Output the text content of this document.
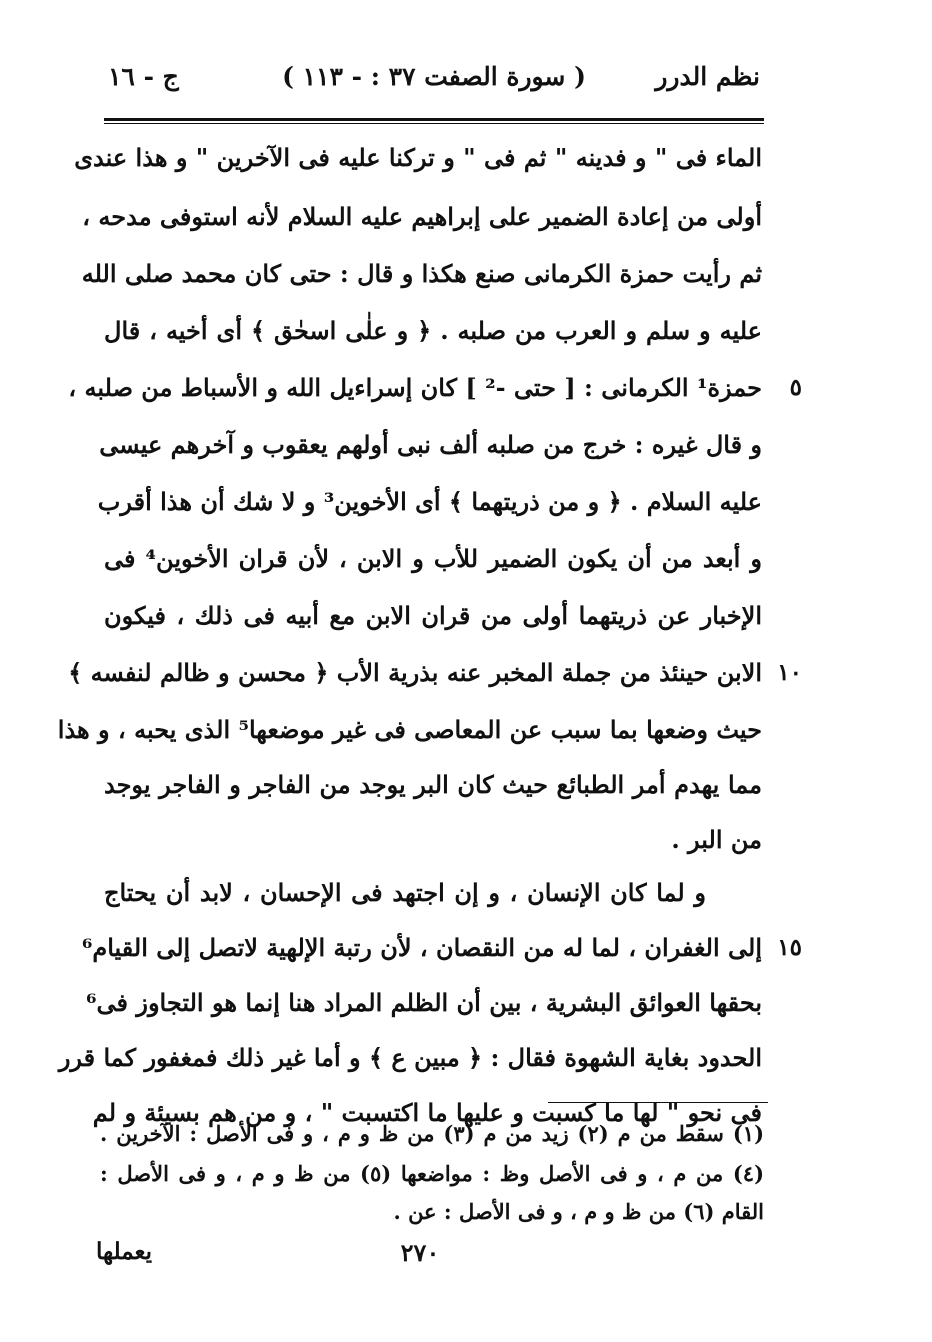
نظم الدرر
( سورة الصفت ٣٧ : - ١١٣ )
ج - ١٦
الماء فى " و فدينه " ثم فى " و تركنا عليه فى الآخرين " و هذا عندى
أولى من إعادة الضمير على إبراهيم عليه السلام لأنه استوفى مدحه ،
ثم رأيت حمزة الكرمانى صنع هكذا و قال : حتى كان محمد صلى الله
عليه و سلم و العرب من صلبه . ﴿ و علٰى اسحٰق ﴾ أى أخيه ، قال
حمزة¹ الكرمانى : [ حتى -² ] كان إسراءيل الله و الأسباط من صلبه ،
و قال غيره : خرج من صلبه ألف نبى أولهم يعقوب و آخرهم عيسى
عليه السلام . ﴿ و من ذريتهما ﴾ أى الأخوين³ و لا شك أن هذا أقرب
و أبعد من أن يكون الضمير للأب و الابن ، لأن قران الأخوين⁴ فى
الإخبار عن ذريتهما أولى من قران الابن مع أبيه فى ذلك ، فيكون
الابن حينئذ من جملة المخبر عنه بذرية الأب ﴿ محسن و ظالم لنفسه ﴾
حيث وضعها بما سبب عن المعاصى فى غير موضعها⁵ الذى يحبه ، و هذا
مما يهدم أمر الطبائع حيث كان البر يوجد من الفاجر و الفاجر يوجد
من البر .
و لما كان الإنسان ، و إن اجتهد فى الإحسان ، لابد أن يحتاج
إلى الغفران ، لما له من النقصان ، لأن رتبة الإلهية لاتصل إلى القيام⁶
بحقها العوائق البشرية ، بين أن الظلم المراد هنا إنما هو التجاوز فى⁶
الحدود بغاية الشهوة فقال : ﴿ مبين ع ﴾ و أما غير ذلك فمغفور كما قرر
فى نحو " لها ما كسبت و عليها ما اكتسبت " ، و من هم بسيئة و لم
٥
١٠
١٥
(١) سقط من م (٢) زيد من م (٣) من ظ و م ، و فى الأصل : الآخرين .
(٤) من م ، و فى الأصل وظ : مواضعها (٥) من ظ و م ، و فى الأصل :
القام (٦) من ظ و م ، و فى الأصل : عن .
٢٧٠
يعملها
